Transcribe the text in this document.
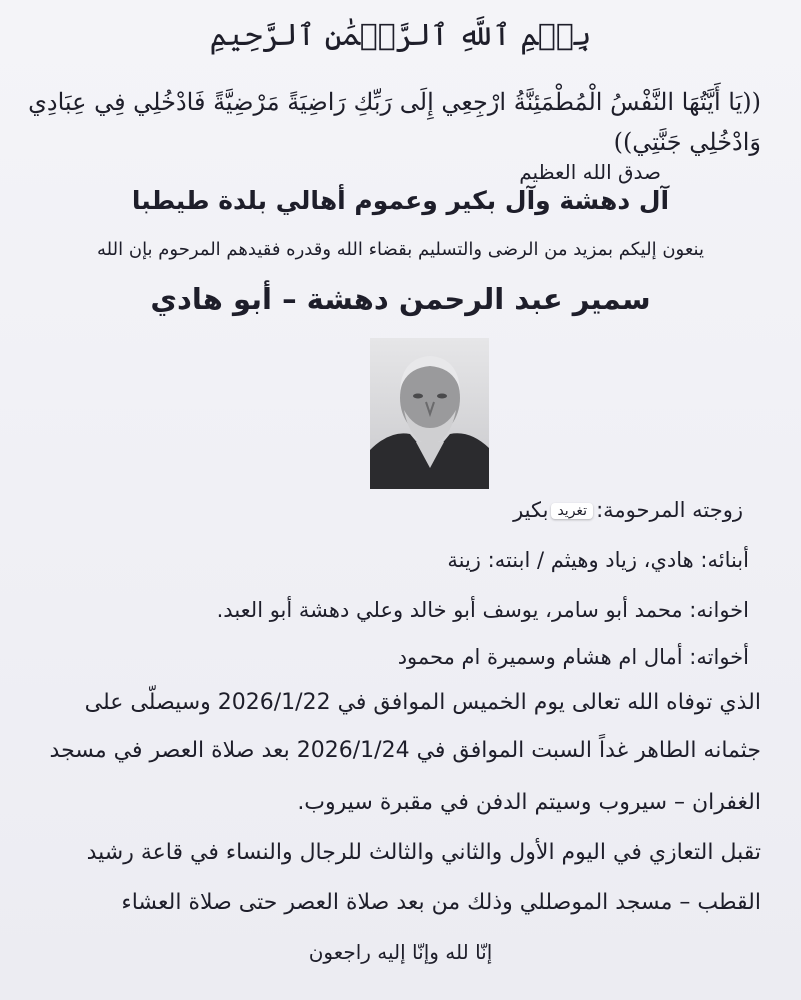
بِسۡمِ ٱللَّهِ ٱلرَّحۡمَٰنِ ٱلرَّحِيمِ
((يَا أَيَّتُهَا النَّفْسُ الْمُطْمَئِنَّةُ ارْجِعِي إِلَى رَبِّكِ رَاضِيَةً مَرْضِيَّةً فَادْخُلِي فِي عِبَادِي
وَادْخُلِي جَنَّتِي))
صدق الله العظيم
آل دهشة وآل بكير وعموم أهالي بلدة طيطبا
ينعون إليكم بمزيد من الرضى والتسليم بقضاء الله وقدره فقيدهم المرحوم بإن الله
سمير عبد الرحمن دهشة – أبو هادي
زوجته المرحومة:تغريدبكير
أبنائه: هادي، زياد وهيثم / ابنته: زينة
اخوانه: محمد أبو سامر، يوسف أبو خالد وعلي دهشة أبو العبد.
أخواته: أمال ام هشام وسميرة ام محمود
الذي توفاه الله تعالى يوم الخميس الموافق في 2026/1/22 وسيصلّى على
جثمانه الطاهر غداً السبت الموافق في 2026/1/24 بعد صلاة العصر في مسجد
الغفران – سيروب وسيتم الدفن في مقبرة سيروب.
تقبل التعازي في اليوم الأول والثاني والثالث للرجال والنساء في قاعة رشيد
القطب – مسجد الموصللي وذلك من بعد صلاة العصر حتى صلاة العشاء
إنّا لله وإنّا إليه راجعون
